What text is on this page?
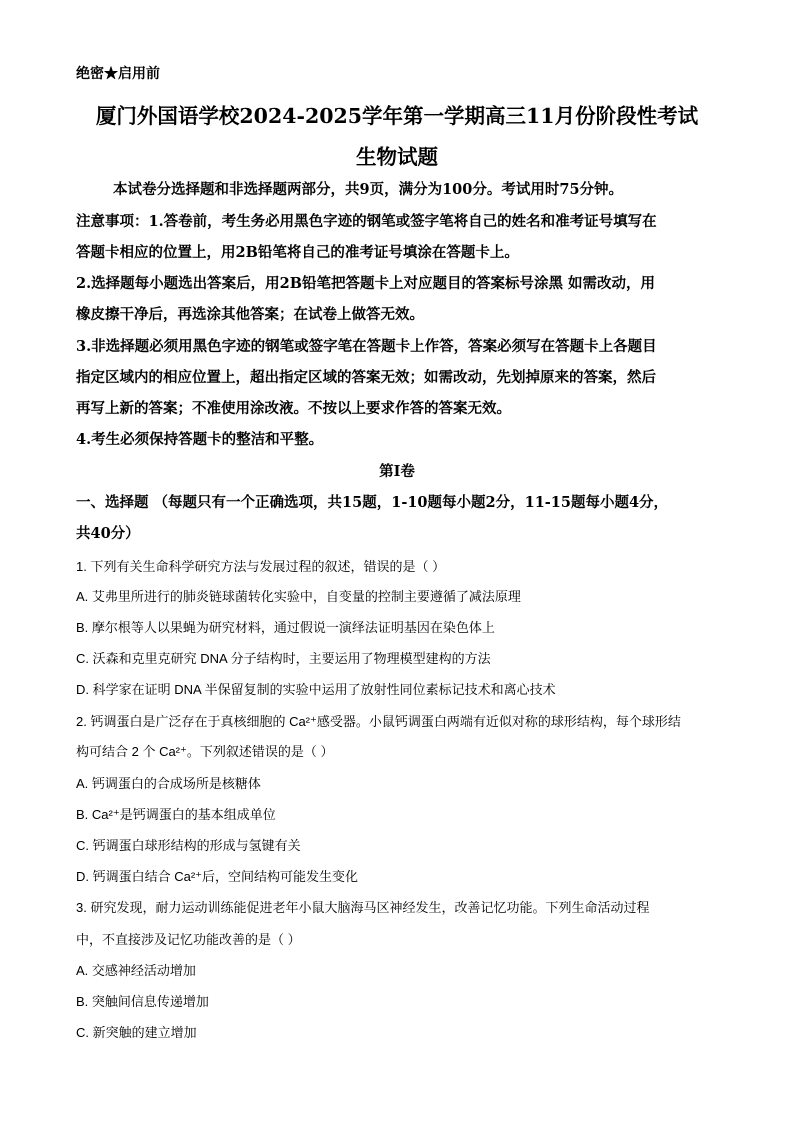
绝密★启用前
厦门外国语学校2024-2025学年第一学期高三11月份阶段性考试
生物试题
本试卷分选择题和非选择题两部分，共9页，满分为100分。考试用时75分钟。
注意事项：1.答卷前，考生务必用黑色字迹的钢笔或签字笔将自己的姓名和准考证号填写在
答题卡相应的位置上，用2B铅笔将自己的准考证号填涂在答题卡上。
2.选择题每小题选出答案后，用2B铅笔把答题卡上对应题目的答案标号涂黑 如需改动，用
橡皮擦干净后，再选涂其他答案；在试卷上做答无效。
3.非选择题必须用黑色字迹的钢笔或签字笔在答题卡上作答，答案必须写在答题卡上各题目
指定区域内的相应位置上，超出指定区域的答案无效；如需改动，先划掉原来的答案，然后
再写上新的答案；不准使用涂改液。不按以上要求作答的答案无效。
4.考生必须保持答题卡的整洁和平整。
第Ⅰ卷
一、选择题 （每题只有一个正确选项，共15题，1-10题每小题2分，11-15题每小题4分，
共40分）
1. 下列有关生命科学研究方法与发展过程的叙述，错误的是（ ）
A. 艾弗里所进行的肺炎链球菌转化实验中，自变量的控制主要遵循了减法原理
B. 摩尔根等人以果蝇为研究材料，通过假说一演绎法证明基因在染色体上
C. 沃森和克里克研究 DNA 分子结构时，主要运用了物理模型建构的方法
D. 科学家在证明 DNA 半保留复制的实验中运用了放射性同位素标记技术和离心技术
2. 钙调蛋白是广泛存在于真核细胞的 Ca²⁺感受器。小鼠钙调蛋白两端有近似对称的球形结构，每个球形结
构可结合 2 个 Ca²⁺。下列叙述错误的是（ ）
A. 钙调蛋白的合成场所是核糖体
B. Ca²⁺是钙调蛋白的基本组成单位
C. 钙调蛋白球形结构的形成与氢键有关
D. 钙调蛋白结合 Ca²⁺后，空间结构可能发生变化
3. 研究发现，耐力运动训练能促进老年小鼠大脑海马区神经发生，改善记忆功能。下列生命活动过程
中，不直接涉及记忆功能改善的是（ ）
A. 交感神经活动增加
B. 突触间信息传递增加
C. 新突触的建立增加
